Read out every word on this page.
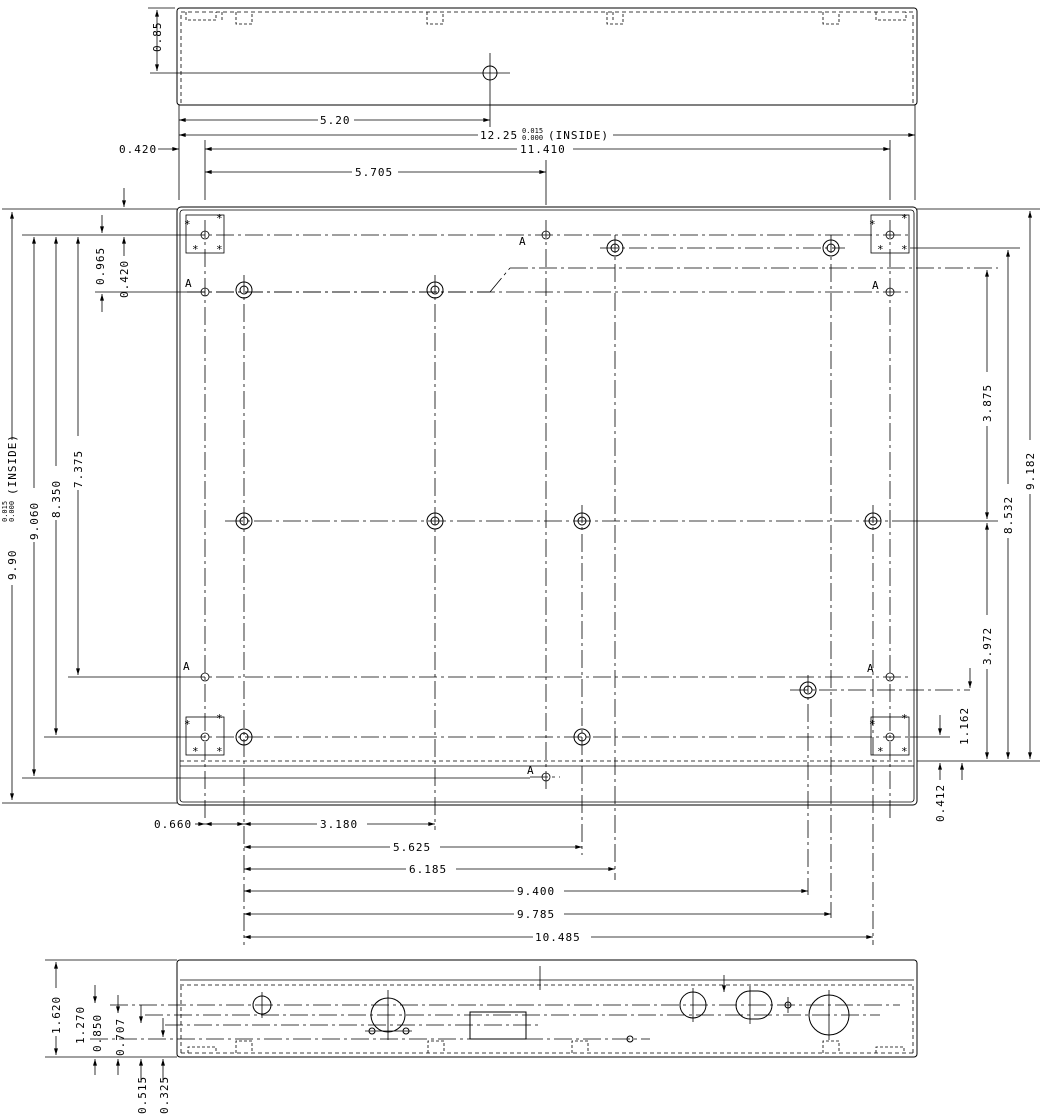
0.85
5.20
12.25 0.015
0.000 (INSIDE)
0.420	11.410
5.705
* *
* *
* *
* *
* *
* *
* *
* *
A
A	A
A	A
A
9.90
0.015 0.000
(INSIDE)
9.060
8.350
7.375
0.965 0.420
3.875
3.972
8.532
9.182
1.162
0.412
0.660	3.180
5.625
6.185
9.400
9.785
10.485
1.620 1.270 0.850 0.707
0.515 0.325
